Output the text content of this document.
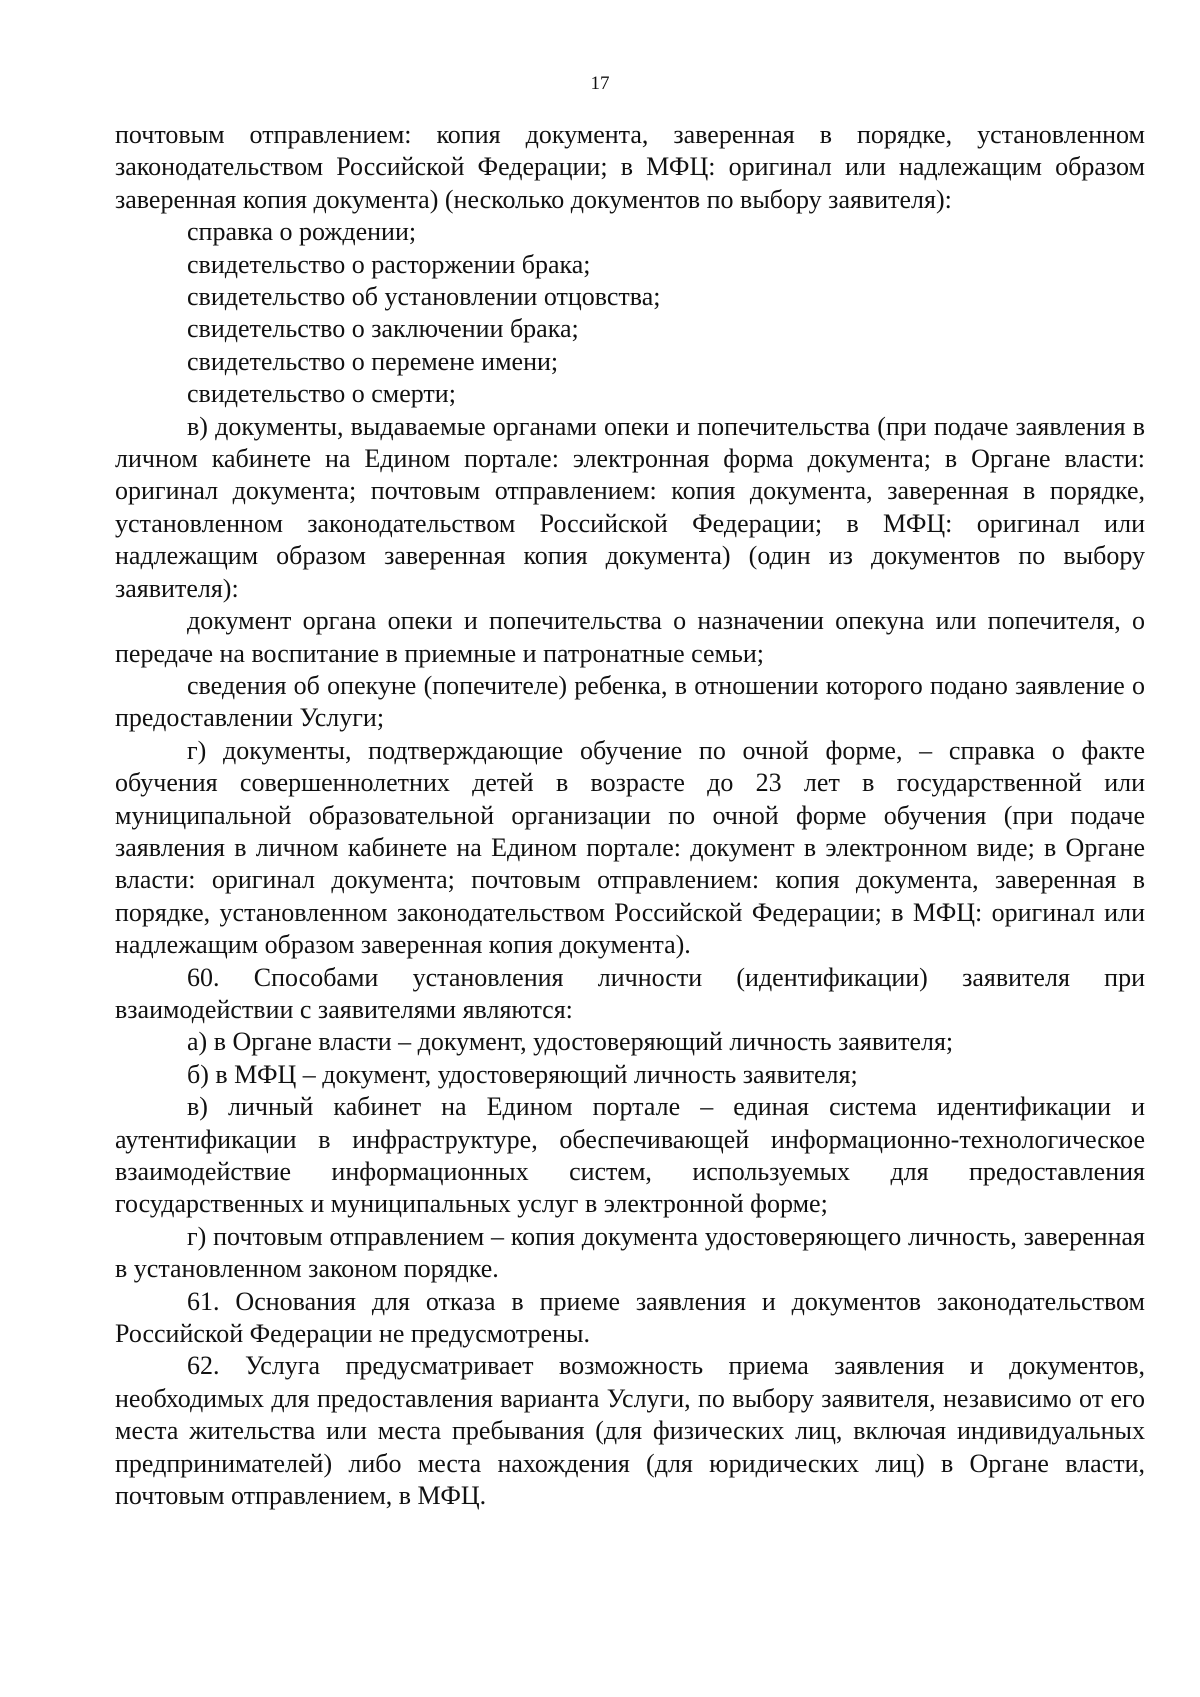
17

почтовым отправлением: копия документа, заверенная в порядке, установленном законодательством Российской Федерации; в МФЦ: оригинал или надлежащим образом заверенная копия документа) (несколько документов по выбору заявителя):

справка о рождении;

свидетельство о расторжении брака;

свидетельство об установлении отцовства;

свидетельство о заключении брака;

свидетельство о перемене имени;

свидетельство о смерти;

в) документы, выдаваемые органами опеки и попечительства (при подаче заявления в личном кабинете на Едином портале: электронная форма документа; в Органе власти: оригинал документа; почтовым отправлением: копия документа, заверенная в порядке, установленном законодательством Российской Федерации; в МФЦ: оригинал или надлежащим образом заверенная копия документа) (один из документов по выбору заявителя):

документ органа опеки и попечительства о назначении опекуна или попечителя, о передаче на воспитание в приемные и патронатные семьи;

сведения об опекуне (попечителе) ребенка, в отношении которого подано заявление о предоставлении Услуги;

г) документы, подтверждающие обучение по очной форме, – справка о факте обучения совершеннолетних детей в возрасте до 23 лет в государственной или муниципальной образовательной организации по очной форме обучения (при подаче заявления в личном кабинете на Едином портале: документ в электронном виде; в Органе власти: оригинал документа; почтовым отправлением: копия документа, заверенная в порядке, установленном законодательством Российской Федерации; в МФЦ: оригинал или надлежащим образом заверенная копия документа).

60. Способами установления личности (идентификации) заявителя при взаимодействии с заявителями являются:

а) в Органе власти – документ, удостоверяющий личность заявителя;

б) в МФЦ – документ, удостоверяющий личность заявителя;

в) личный кабинет на Едином портале – единая система идентификации и аутентификации в инфраструктуре, обеспечивающей информационно-технологическое взаимодействие информационных систем, используемых для предоставления государственных и муниципальных услуг в электронной форме;

г) почтовым отправлением – копия документа удостоверяющего личность, заверенная в установленном законом порядке.

61. Основания для отказа в приеме заявления и документов законодательством Российской Федерации не предусмотрены.

62. Услуга предусматривает возможность приема заявления и документов, необходимых для предоставления варианта Услуги, по выбору заявителя, независимо от его места жительства или места пребывания (для физических лиц, включая индивидуальных предпринимателей) либо места нахождения (для юридических лиц) в Органе власти, почтовым отправлением, в МФЦ.
